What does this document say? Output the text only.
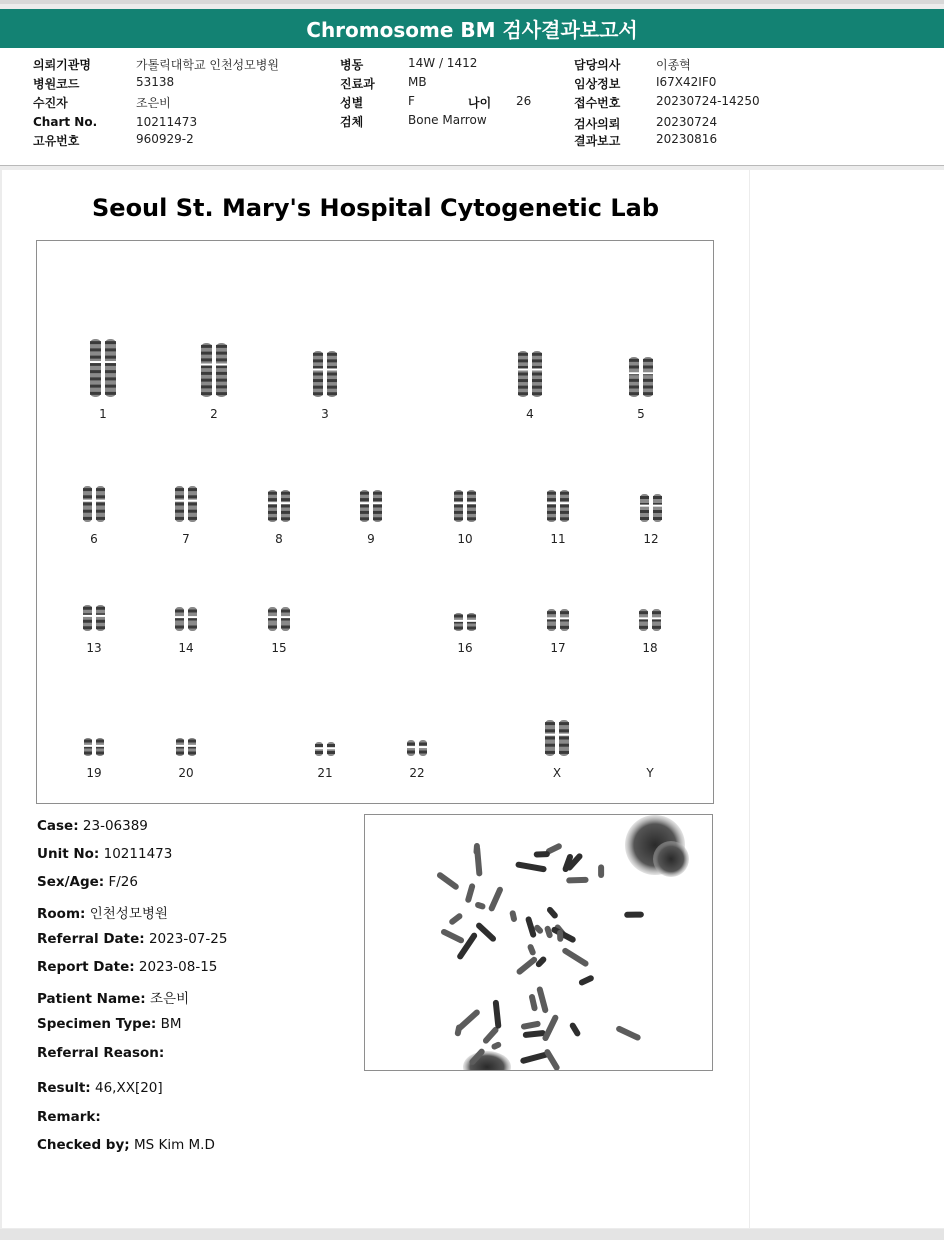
Chromosome BM 검사결과보고서
의뢰기관명	가톨릭대학교 인천성모병원
병원코드	53138
수진자	조은비
Chart No.	10211473
고유번호	960929-2
병동	14W / 1412
진료과	MB
성별	F	나이 26
검체	Bone Marrow
담당의사	이종혁
임상정보	I67X42IF0
접수번호	20230724-14250
검사의뢰	20230724
결과보고	20230816
Seoul St. Mary's Hospital Cytogenetic Lab
1	2	3	4	5
6	7	8	9	10	11	12
13	14	15	16	17	18
19	20	21	22	X	Y
Case: 23-06389
Unit No: 10211473
Sex/Age: F/26
Room: 인천성모병원
Referral Date: 2023-07-25
Report Date: 2023-08-15
Patient Name: 조은비
Specimen Type: BM
Referral Reason:
Result: 46,XX[20]
Remark:
Checked by; MS Kim M.D
